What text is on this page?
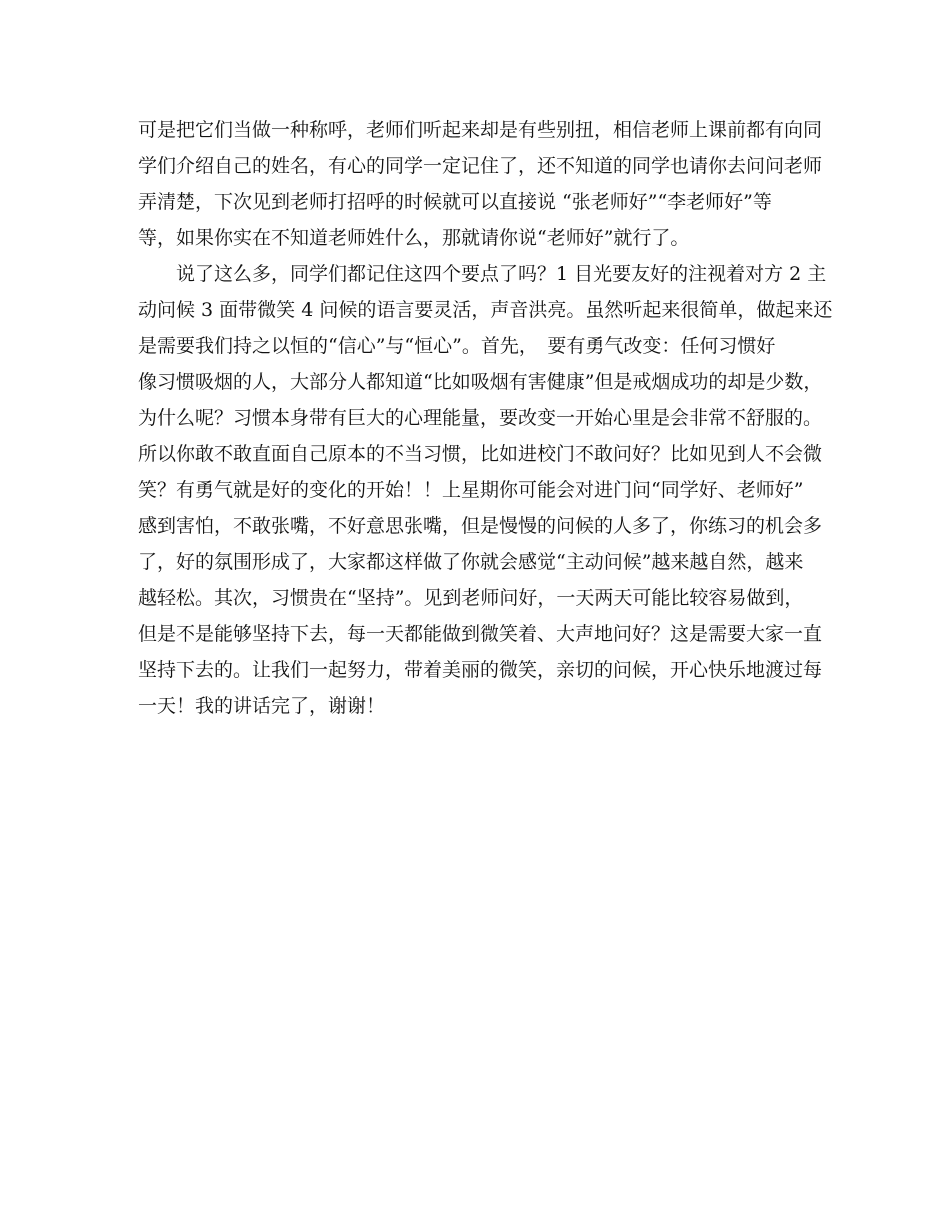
可是把它们当做一种称呼，老师们听起来却是有些别扭，相信老师上课前都有向同
学们介绍自己的姓名，有心的同学一定记住了，还不知道的同学也请你去问问老师
弄清楚，下次见到老师打招呼的时候就可以直接说 “张老师好”“李老师好”等
等，如果你实在不知道老师姓什么，那就请你说“老师好”就行了。
　　说了这么多，同学们都记住这四个要点了吗？1 目光要友好的注视着对方 2 主
动问候 3 面带微笑 4 问候的语言要灵活，声音洪亮。虽然听起来很简单，做起来还
是需要我们持之以恒的“信心”与“恒心”。首先，　要有勇气改变：任何习惯好
像习惯吸烟的人，大部分人都知道“比如吸烟有害健康”但是戒烟成功的却是少数，
为什么呢？习惯本身带有巨大的心理能量，要改变一开始心里是会非常不舒服的。
所以你敢不敢直面自己原本的不当习惯，比如进校门不敢问好？比如见到人不会微
笑？有勇气就是好的变化的开始！！上星期你可能会对进门问“同学好、老师好”
感到害怕，不敢张嘴，不好意思张嘴，但是慢慢的问候的人多了，你练习的机会多
了，好的氛围形成了，大家都这样做了你就会感觉“主动问候”越来越自然，越来
越轻松。其次，习惯贵在“坚持”。见到老师问好，一天两天可能比较容易做到，
但是不是能够坚持下去，每一天都能做到微笑着、大声地问好？这是需要大家一直
坚持下去的。让我们一起努力，带着美丽的微笑，亲切的问候，开心快乐地渡过每
一天！我的讲话完了，谢谢！
